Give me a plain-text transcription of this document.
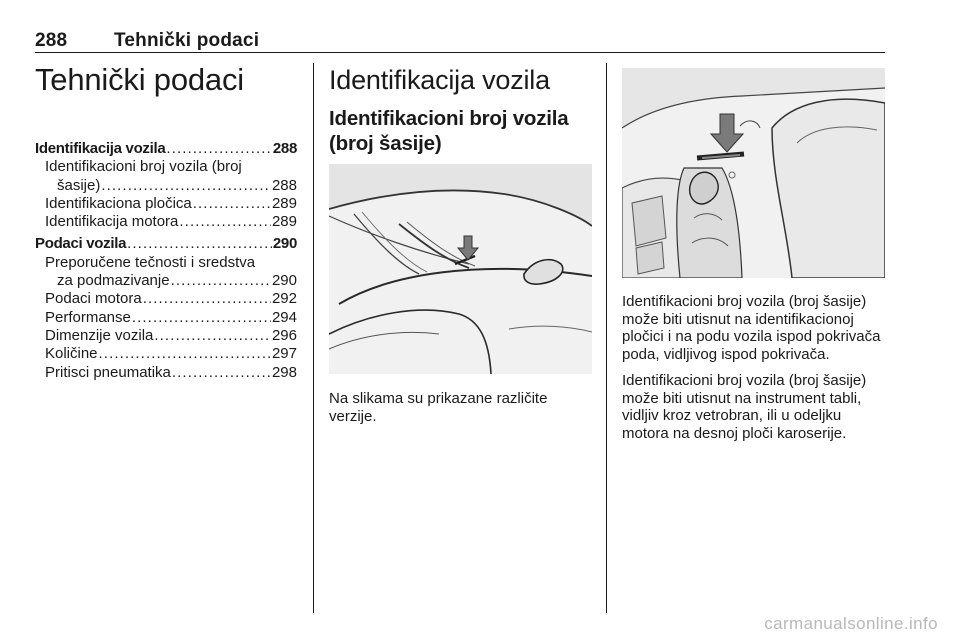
288 Tehnički podaci
Tehnički podaci
Identifikacija vozila .....	288
Identifikacioni broj vozila (broj
šasije) .....	288
Identifikaciona pločica .....	289
Identifikacija motora .....	289
Podaci vozila .....	290
Preporučene tečnosti i sredstva
za podmazivanje .....	290
Podaci motora .....	292
Performanse .....	294
Dimenzije vozila .....	296
Količine .....	297
Pritisci pneumatika .....	298
Identifikacija vozila
Identifikacioni broj vozila (broj šasije)
Na slikama su prikazane različite verzije.

Identifikacioni broj vozila (broj šasije) može biti utisnut na identifikacionoj pločici i na podu vozila ispod pokrivača poda, vidljivog ispod pokrivača.

Identifikacioni broj vozila (broj šasije) može biti utisnut na instrument tabli, vidljiv kroz vetrobran, ili u odeljku motora na desnoj ploči karoserije.

carmanualsonline.info
